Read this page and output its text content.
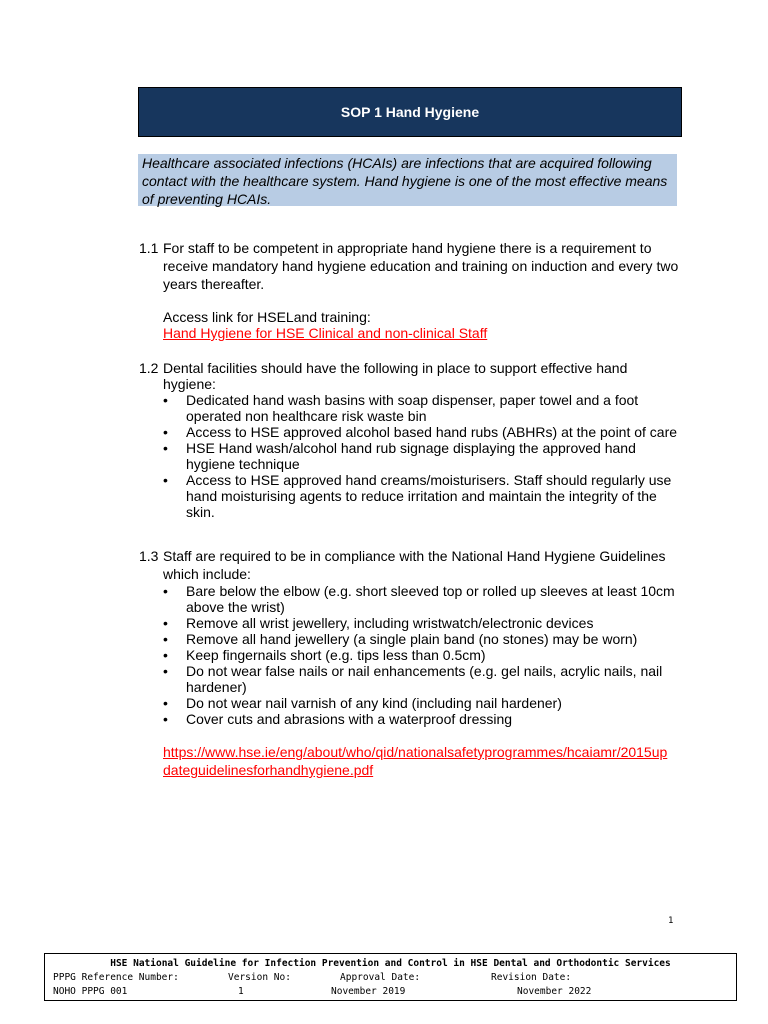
SOP 1 Hand Hygiene
Healthcare associated infections (HCAIs) are infections that are acquired following contact with the healthcare system. Hand hygiene is one of the most effective means of preventing HCAIs.
1.1 For staff to be competent in appropriate hand hygiene there is a requirement to receive mandatory hand hygiene education and training on induction and every two years thereafter.
Access link for HSELand training:
Hand Hygiene for HSE Clinical and non-clinical Staff
1.2 Dental facilities should have the following in place to support effective hand hygiene:
•	Dedicated hand wash basins with soap dispenser, paper towel and a foot operated non healthcare risk waste bin
•	Access to HSE approved alcohol based hand rubs (ABHRs) at the point of care
•	HSE Hand wash/alcohol hand rub signage displaying the approved hand hygiene technique
•	Access to HSE approved hand creams/moisturisers. Staff should regularly use hand moisturising agents to reduce irritation and maintain the integrity of the skin.
1.3 Staff are required to be in compliance with the National Hand Hygiene Guidelines which include:
•	Bare below the elbow (e.g. short sleeved top or rolled up sleeves at least 10cm above the wrist)
•	Remove all wrist jewellery, including wristwatch/electronic devices
•	Remove all hand jewellery (a single plain band (no stones) may be worn)
•	Keep fingernails short (e.g. tips less than 0.5cm)
•	Do not wear false nails or nail enhancements (e.g. gel nails, acrylic nails, nail hardener)
•	Do not wear nail varnish of any kind (including nail hardener)
•	Cover cuts and abrasions with a waterproof dressing
https://www.hse.ie/eng/about/who/qid/nationalsafetyprogrammes/hcaiamr/2015up
dateguidelinesforhandhygiene.pdf
1
HSE National Guideline for Infection Prevention and Control in HSE Dental and Orthodontic Services
PPPG Reference Number:	Version No:	Approval Date:	Revision Date:
NOHO PPPG 001	1	November 2019	November 2022
